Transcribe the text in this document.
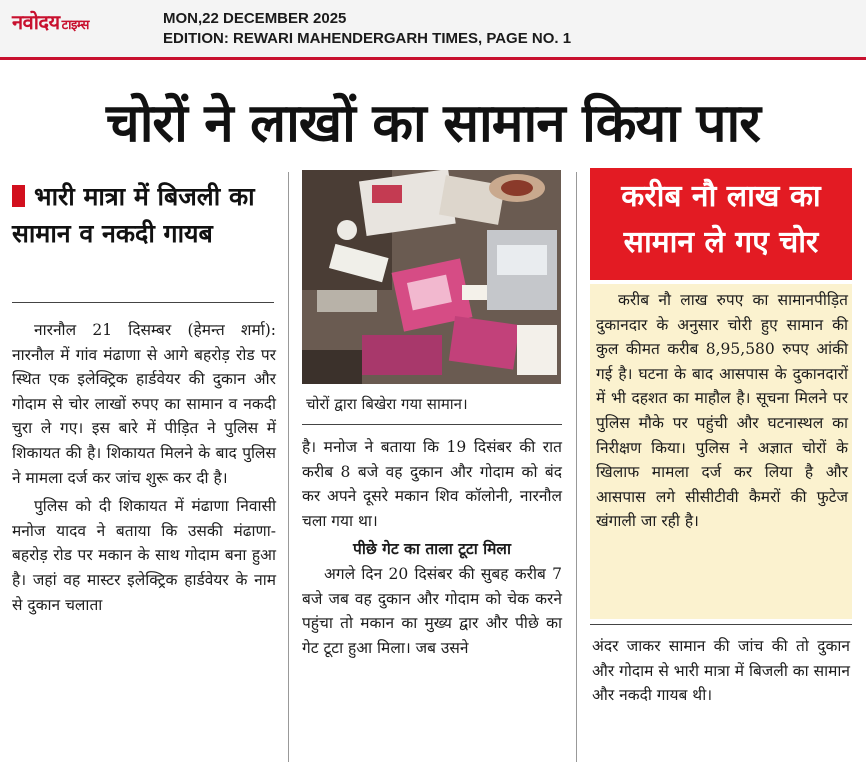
नवोदय टाइम्स	MON,22 DECEMBER 2025
EDITION: REWARI MAHENDERGARH TIMES, PAGE NO. 1
चोरों ने लाखों का सामान किया पार
भारी मात्रा में बिजली का सामान व नकदी गायब

नारनौल 21 दिसम्बर (हेमन्त शर्मा): नारनौल में गांव मंढाणा से आगे बहरोड़ रोड पर स्थित एक इलेक्ट्रिक हार्डवेयर की दुकान और गोदाम से चोर लाखों रुपए का सामान व नकदी चुरा ले गए। इस बारे में पीड़ित ने पुलिस में शिकायत की है। शिकायत मिलने के बाद पुलिस ने मामला दर्ज कर जांच शुरू कर दी है।

पुलिस को दी शिकायत में मंढाणा निवासी मनोज यादव ने बताया कि उसकी मंढाणा-बहरोड़ रोड पर मकान के साथ गोदाम बना हुआ है। जहां वह मास्टर इलेक्ट्रिक हार्डवेयर के नाम से दुकान चलाता

चोरों द्वारा बिखेरा गया सामान।

है। मनोज ने बताया कि 19 दिसंबर की रात करीब 8 बजे वह दुकान और गोदाम को बंद कर अपने दूसरे मकान शिव कॉलोनी, नारनौल चला गया था।

पीछे गेट का ताला टूटा मिला

अगले दिन 20 दिसंबर की सुबह करीब 7 बजे जब वह दुकान और गोदाम को चेक करने पहुंचा तो मकान का मुख्य द्वार और पीछे का गेट टूटा हुआ मिला। जब उसने

करीब नौ लाख का सामान ले गए चोर
करीब नौ लाख रुपए का सामानपीड़ित दुकानदार के अनुसार चोरी हुए सामान की कुल कीमत करीब 8,95,580 रुपए आंकी गई है। घटना के बाद आसपास के दुकानदारों में भी दहशत का माहौल है। सूचना मिलने पर पुलिस मौके पर पहुंची और घटनास्थल का निरीक्षण किया। पुलिस ने अज्ञात चोरों के खिलाफ मामला दर्ज कर लिया है और आसपास लगे सीसीटीवी कैमरों की फुटेज खंगाली जा रही है।
अंदर जाकर सामान की जांच की तो दुकान और गोदाम से भारी मात्रा में बिजली का सामान और नकदी गायब थी।
